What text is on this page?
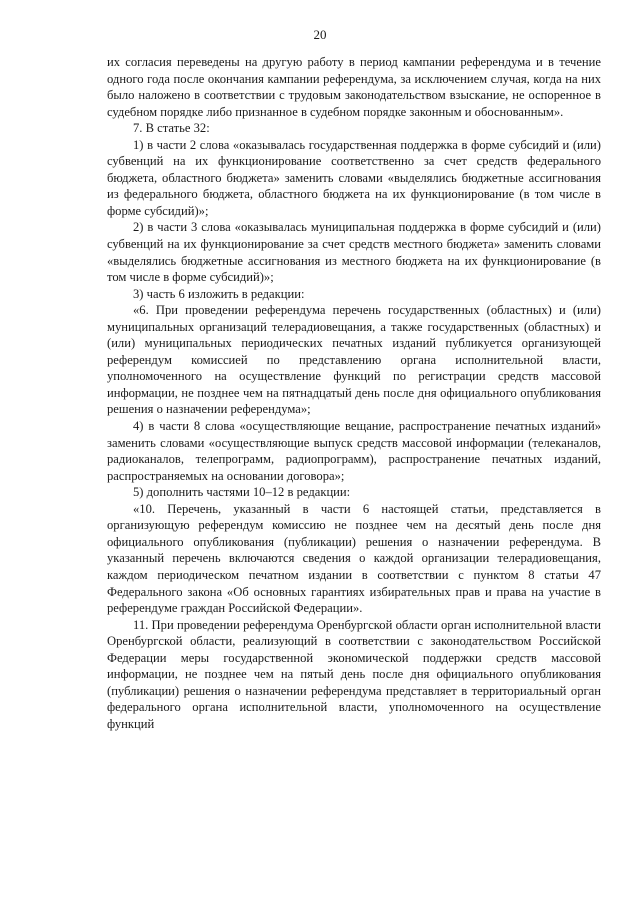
20

их согласия переведены на другую работу в период кампании референдума и в течение одного года после окончания кампании референдума, за исключением случая, когда на них было наложено в соответствии с трудовым законодательством взыскание, не оспоренное в судебном порядке либо признанное в судебном порядке законным и обоснованным».

7. В статье 32:

1) в части 2 слова «оказывалась государственная поддержка в форме субсидий и (или) субвенций на их функционирование соответственно за счет средств федерального бюджета, областного бюджета» заменить словами «выделялись бюджетные ассигнования из федерального бюджета, областного бюджета на их функционирование (в том числе в форме субсидий)»;

2) в части 3 слова «оказывалась муниципальная поддержка в форме субсидий и (или) субвенций на их функционирование за счет средств местного бюджета» заменить словами «выделялись бюджетные ассигнования из местного бюджета на их функционирование (в том числе в форме субсидий)»;

3) часть 6 изложить в редакции:

«6. При проведении референдума перечень государственных (областных) и (или) муниципальных организаций телерадиовещания, а также государственных (областных) и (или) муниципальных периодических печатных изданий публикуется организующей референдум комиссией по представлению органа исполнительной власти, уполномоченного на осуществление функций по регистрации средств массовой информации, не позднее чем на пятнадцатый день после дня официального опубликования решения о назначении референдума»;

4) в части 8 слова «осуществляющие вещание, распространение печатных изданий» заменить словами «осуществляющие выпуск средств массовой информации (телеканалов, радиоканалов, телепрограмм, радиопрограмм), распространение печатных изданий, распространяемых на основании договора»;

5) дополнить частями 10–12 в редакции:

«10. Перечень, указанный в части 6 настоящей статьи, представляется в организующую референдум комиссию не позднее чем на десятый день после дня официального опубликования (публикации) решения о назначении референдума. В указанный перечень включаются сведения о каждой организации телерадиовещания, каждом периодическом печатном издании в соответствии с пунктом 8 статьи 47 Федерального закона «Об основных гарантиях избирательных прав и права на участие в референдуме граждан Российской Федерации».

11. При проведении референдума Оренбургской области орган исполнительной власти Оренбургской области, реализующий в соответствии с законодательством Российской Федерации меры государственной экономической поддержки средств массовой информации, не позднее чем на пятый день после дня официального опубликования (публикации) решения о назначении референдума представляет в территориальный орган федерального органа исполнительной власти, уполномоченного на осуществление функций
